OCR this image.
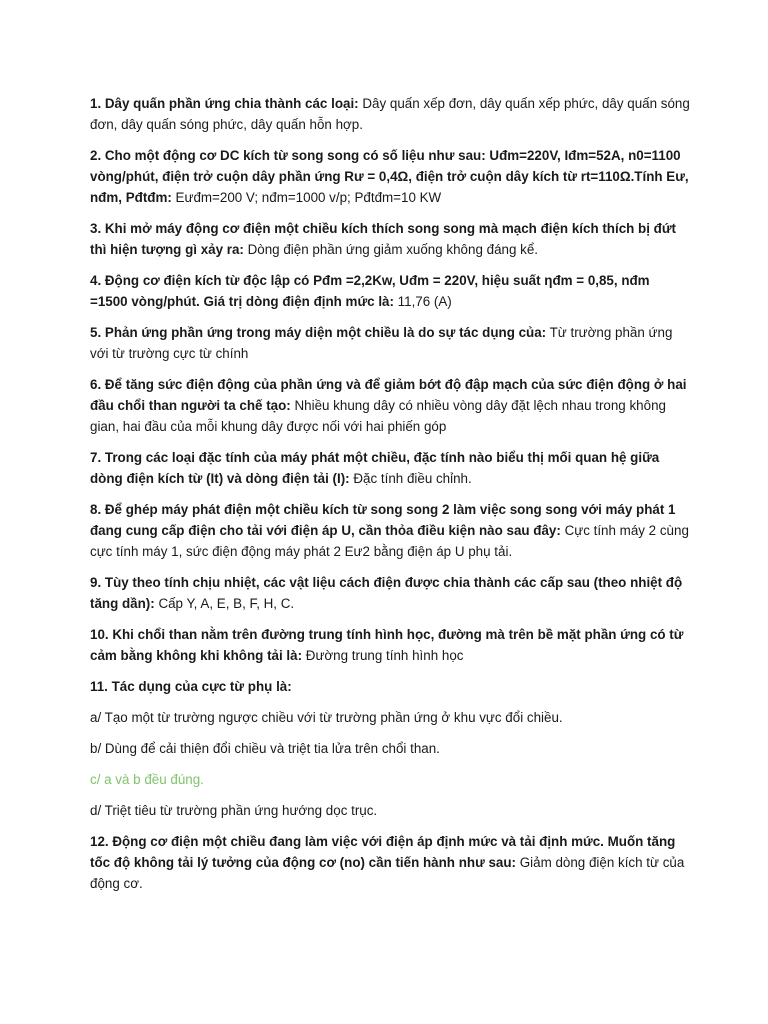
1. Dây quấn phần ứng chia thành các loại: Dây quấn xếp đơn, dây quấn xếp phức, dây quấn sóng đơn, dây quấn sóng phức, dây quấn hỗn hợp.

2. Cho một động cơ DC kích từ song song có số liệu như sau: Uđm=220V, Iđm=52A, n0=1100 vòng/phút, điện trở cuộn dây phần ứng Rư = 0,4Ω, điện trở cuộn dây kích từ rt=110Ω.Tính Eư, nđm, Pđtđm: Eưđm=200 V; nđm=1000 v/p; Pđtđm=10 KW

3. Khi mở máy động cơ điện một chiều kích thích song song mà mạch điện kích thích bị đứt thì hiện tượng gì xảy ra: Dòng điện phần ứng giảm xuống không đáng kể.

4. Động cơ điện kích từ độc lập có Pđm =2,2Kw, Uđm = 220V, hiệu suất ηđm = 0,85, nđm =1500 vòng/phút. Giá trị dòng điện định mức là: 11,76 (A)

5. Phản ứng phần ứng trong máy diện một chiều là do sự tác dụng của: Từ trường phần ứng với từ trường cực từ chính

6. Để tăng sức điện động của phần ứng và để giảm bớt độ đập mạch của sức điện động ở hai đầu chổi than người ta chế tạo: Nhiều khung dây có nhiều vòng dây đặt lệch nhau trong không gian, hai đầu của mỗi khung dây được nối với hai phiến góp

7. Trong các loại đặc tính của máy phát một chiều, đặc tính nào biểu thị mối quan hệ giữa dòng điện kích từ (It) và dòng điện tải (I): Đặc tính điều chỉnh.

8. Để ghép máy phát điện một chiều kích từ song song 2 làm việc song song với máy phát 1 đang cung cấp điện cho tải với điện áp U, cần thỏa điều kiện nào sau đây: Cực tính máy 2 cùng cực tính máy 1, sức điện động máy phát 2 Eư2 bằng điện áp U phụ tải.

9. Tùy theo tính chịu nhiệt, các vật liệu cách điện được chia thành các cấp sau (theo nhiệt độ tăng dần): Cấp Y, A, E, B, F, H, C.

10. Khi chổi than nằm trên đường trung tính hình học, đường mà trên bề mặt phần ứng có từ cảm bằng không khi không tải là: Đường trung tính hình học

11. Tác dụng của cực từ phụ là:

a/ Tạo một từ trường ngược chiều với từ trường phần ứng ở khu vực đổi chiều.

b/ Dùng để cải thiện đổi chiều và triệt tia lửa trên chổi than.

c/ a và b đều đúng.

d/ Triệt tiêu từ trường phần ứng hướng dọc trục.

12. Động cơ điện một chiều đang làm việc với điện áp định mức và tải định mức. Muốn tăng tốc độ không tải lý tưởng của động cơ (no) cần tiến hành như sau: Giảm dòng điện kích từ của động cơ.
